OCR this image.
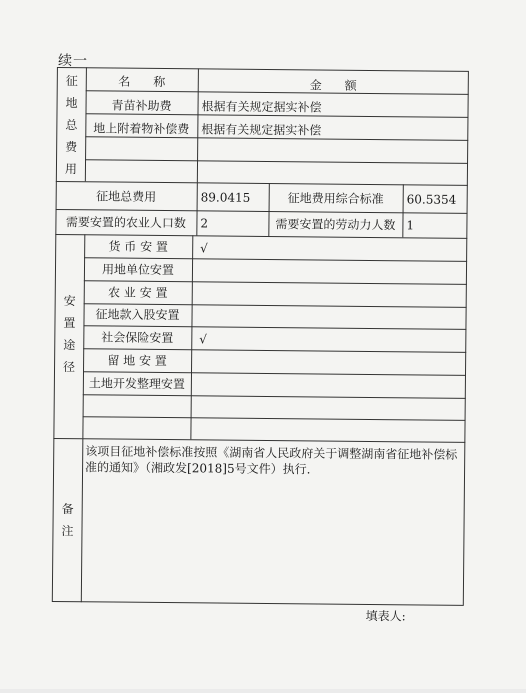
续一
征地总费用
名      称	金      额
青苗补助费	根据有关规定据实补偿
地上附着物补偿费 根据有关规定据实补偿
征地总费用	89.0415	征地费用综合标准	60.5354
需要安置的农业人口数	2	需要安置的劳动力人数 1
安置途径
货 币 安 置	√
用地单位安置
农 业 安 置
征地款入股安置
社会保险安置	√
留 地 安 置
土地开发整理安置
备注
该项目征地补偿标准按照《湖南省人民政府关于调整湖南省征地补偿标准的通知》（湘政发[2018]5号文件）执行.
填表人:
